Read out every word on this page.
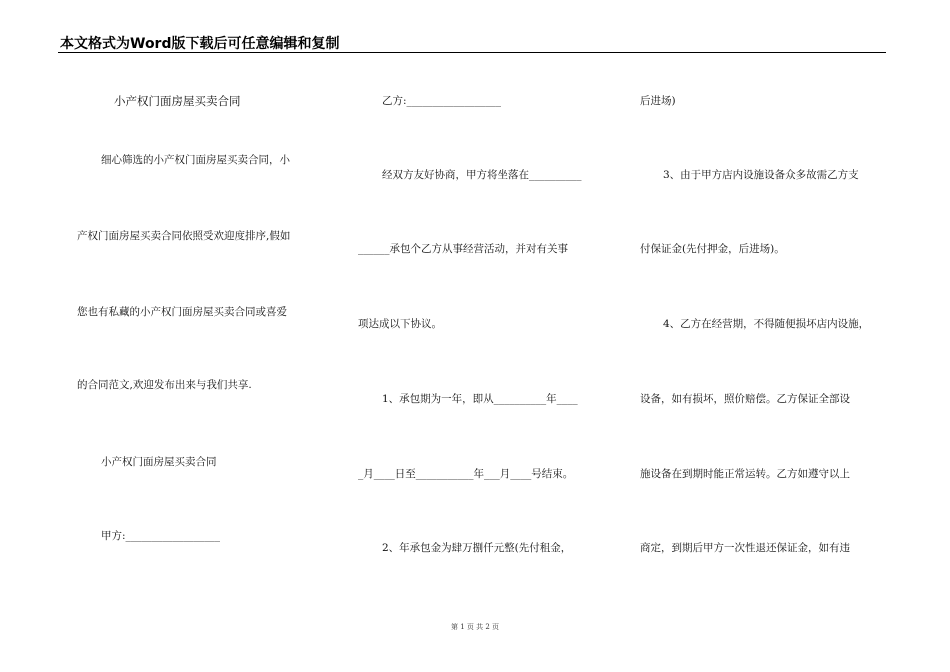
本文格式为Word版下载后可任意编辑和复制
小产权门面房屋买卖合同
细心筛选的小产权门面房屋买卖合同，小
产权门面房屋买卖合同依照受欢迎度排序,假如
您也有私藏的小产权门面房屋买卖合同或喜爱
的合同范文,欢迎发布出来与我们共享.
小产权门面房屋买卖合同
甲方:__________________
乙方:__________________
经双方友好协商，甲方将坐落在__________
______承包个乙方从事经营活动，并对有关事
项达成以下协议。
1、承包期为一年，即从__________年____
_月____日至___________年___月____号结束。
2、年承包金为肆万捌仟元整(先付租金，
后进场)
3、由于甲方店内设施设备众多故需乙方支
付保证金(先付押金，后进场)。
4、乙方在经营期，不得随便损坏店内设施，
设备，如有损坏，照价赔偿。乙方保证全部设
施设备在到期时能正常运转。乙方如遵守以上
商定，到期后甲方一次性退还保证金，如有违
第 1 页 共 2 页
